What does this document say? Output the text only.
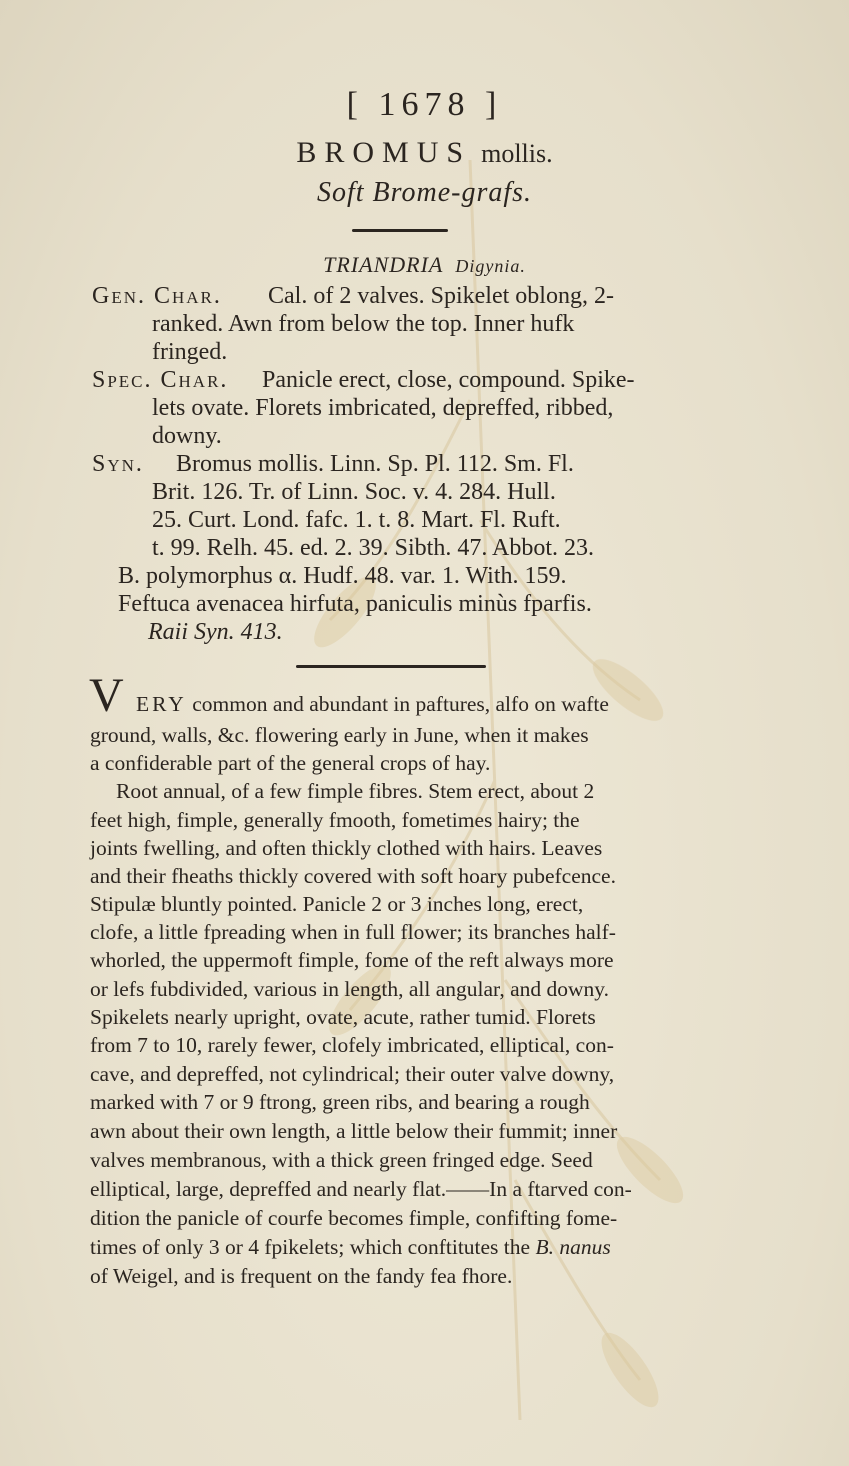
[ 1678 ]
BROMUS mollis.
Soft Brome-grafs.
TRIANDRIA Digynia.
Gen. Char. Cal. of 2 valves. Spikelet oblong, 2-
ranked. Awn from below the top. Inner hufk
fringed.
Spec. Char. Panicle erect, close, compound. Spike-
lets ovate. Florets imbricated, depreffed, ribbed,
downy.
Syn. Bromus mollis. Linn. Sp. Pl. 112. Sm. Fl.
Brit. 126. Tr. of Linn. Soc. v. 4. 284. Hull.
25. Curt. Lond. fafc. 1. t. 8. Mart. Fl. Ruft.
t. 99. Relh. 45. ed. 2. 39. Sibth. 47. Abbot. 23.
B. polymorphus α. Hudf. 48. var. 1. With. 159.
Feftuca avenacea hirfuta, paniculis minùs fparfis.
Raii Syn. 413.
V ERY common and abundant in paftures, alfo on wafte
ground, walls, &c. flowering early in June, when it makes
a confiderable part of the general crops of hay.
Root annual, of a few fimple fibres. Stem erect, about 2
feet high, fimple, generally fmooth, fometimes hairy; the
joints fwelling, and often thickly clothed with hairs. Leaves
and their fheaths thickly covered with soft hoary pubefcence.
Stipulæ bluntly pointed. Panicle 2 or 3 inches long, erect,
clofe, a little fpreading when in full flower; its branches half-
whorled, the uppermoft fimple, fome of the reft always more
or lefs fubdivided, various in length, all angular, and downy.
Spikelets nearly upright, ovate, acute, rather tumid. Florets
from 7 to 10, rarely fewer, clofely imbricated, elliptical, con-
cave, and depreffed, not cylindrical; their outer valve downy,
marked with 7 or 9 ftrong, green ribs, and bearing a rough
awn about their own length, a little below their fummit; inner
valves membranous, with a thick green fringed edge. Seed
elliptical, large, depreffed and nearly flat.——In a ftarved con-
dition the panicle of courfe becomes fimple, confifting fome-
times of only 3 or 4 fpikelets; which conftitutes the B. nanus
of Weigel, and is frequent on the fandy fea fhore.
